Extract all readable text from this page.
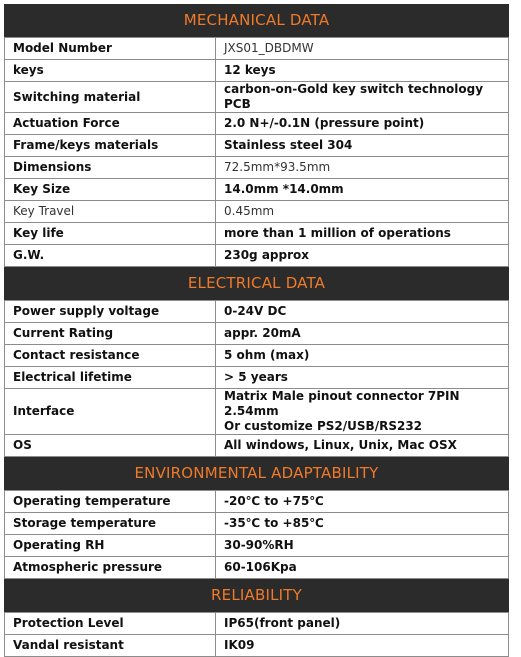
MECHANICAL DATA
Model Number	JXS01_DBDMW
keys	12 keys
Switching material	carbon-on-Gold key switch technology PCB
Actuation Force	2.0 N+/-0.1N (pressure point)
Frame/keys materials	Stainless steel 304
Dimensions	72.5mm*93.5mm
Key Size	14.0mm *14.0mm
Key Travel	0.45mm
Key life	more than 1 million of operations
G.W.	230g approx
ELECTRICAL DATA
Power supply voltage	0-24V DC
Current Rating	appr. 20mA
Contact resistance	5 ohm (max)
Electrical lifetime	> 5 years
Interface	Matrix Male pinout connector 7PIN 2.54mm
Or customize PS2/USB/RS232

OS	All windows, Linux, Unix, Mac OSX
ENVIRONMENTAL ADAPTABILITY
Operating temperature	-20℃ to +75℃
Storage temperature	-35℃ to +85℃
Operating RH	30-90%RH
Atmospheric pressure	60-106Kpa
RELIABILITY
Protection Level	IP65(front panel)
Vandal resistant	IK09
